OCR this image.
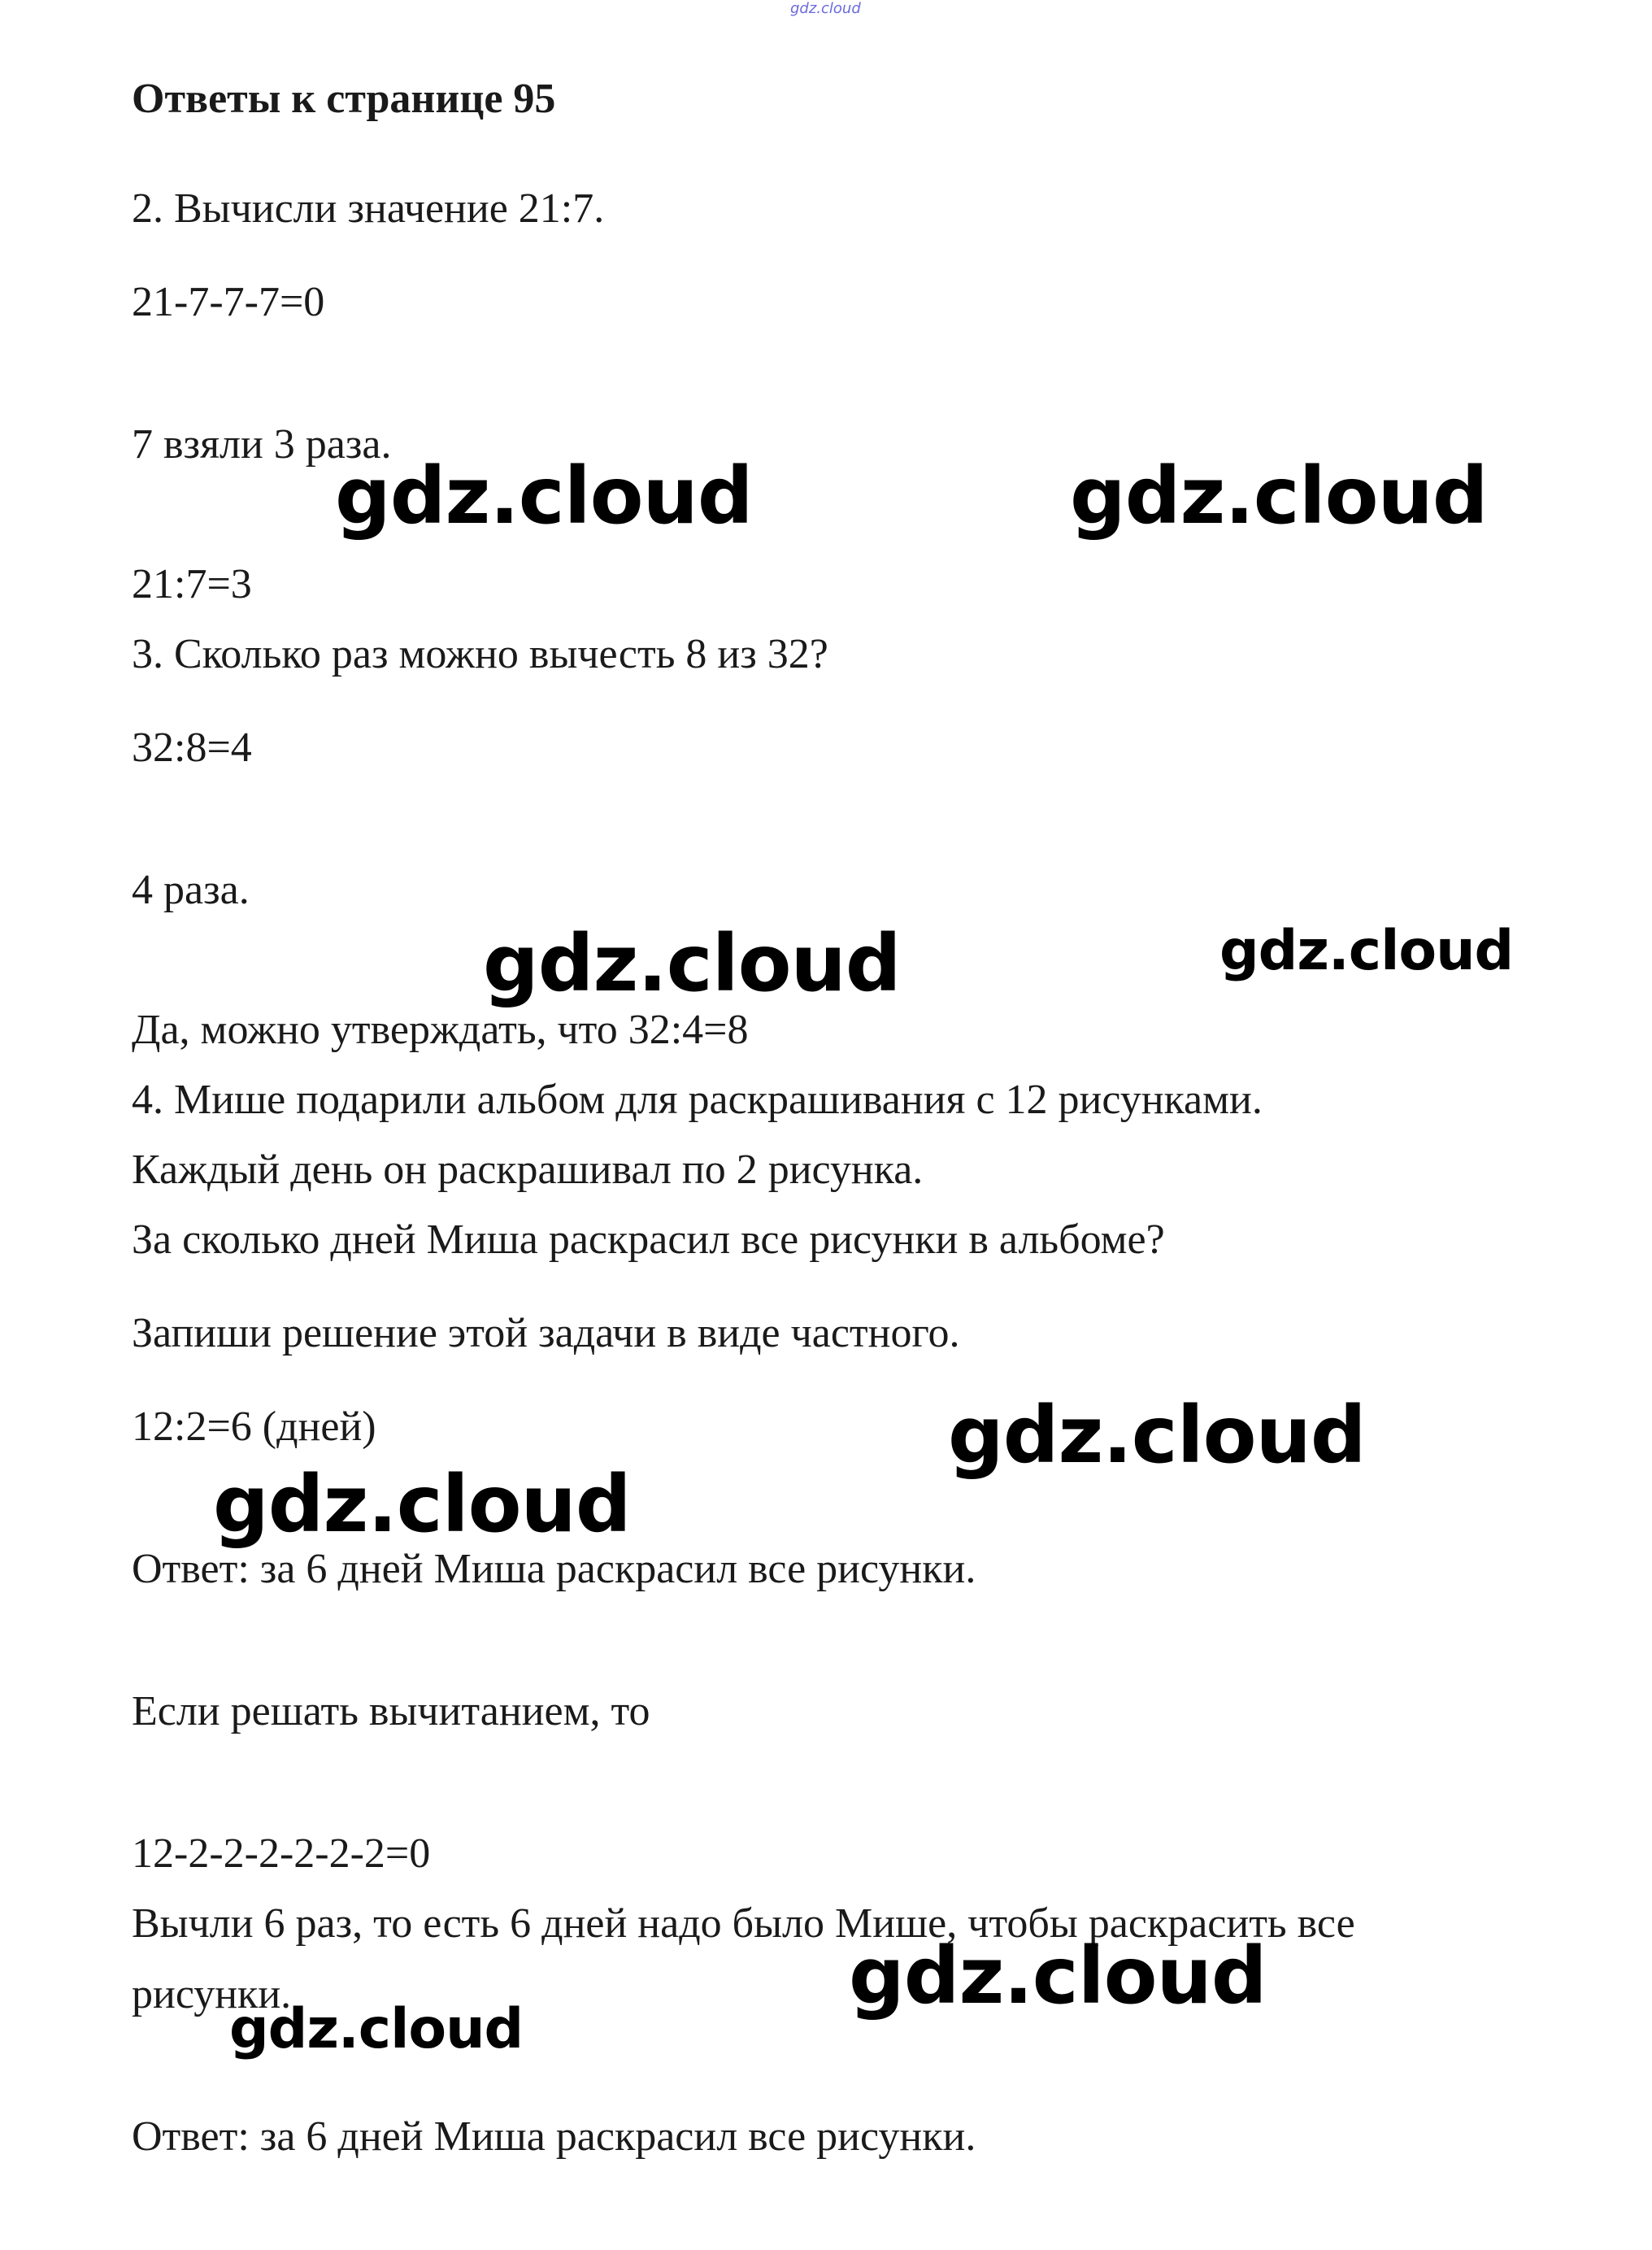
gdz.cloud
Ответы к странице 95
2. Вычисли значение 21:7.
21-7-7-7=0
7 взяли 3 раза.
21:7=3
3. Сколько раз можно вычесть 8 из 32?
32:8=4
4 раза.
Да, можно утверждать, что 32:4=8
4. Мише подарили альбом для раскрашивания с 12 рисунками.
Каждый день он раскрашивал по 2 рисунка.
За сколько дней Миша раскрасил все рисунки в альбоме?
Запиши решение этой задачи в виде частного.
12:2=6 (дней)
Ответ: за 6 дней Миша раскрасил все рисунки.
Если решать вычитанием, то
12-2-2-2-2-2-2=0
Вычли 6 раз, то есть 6 дней надо было Мише, чтобы раскрасить все
рисунки.
Ответ: за 6 дней Миша раскрасил все рисунки.
gdz.cloud	gdz.cloud
gdz.cloud	gdz.cloud
gdz.cloud
gdz.cloud
gdz.cloud
gdz.cloud
